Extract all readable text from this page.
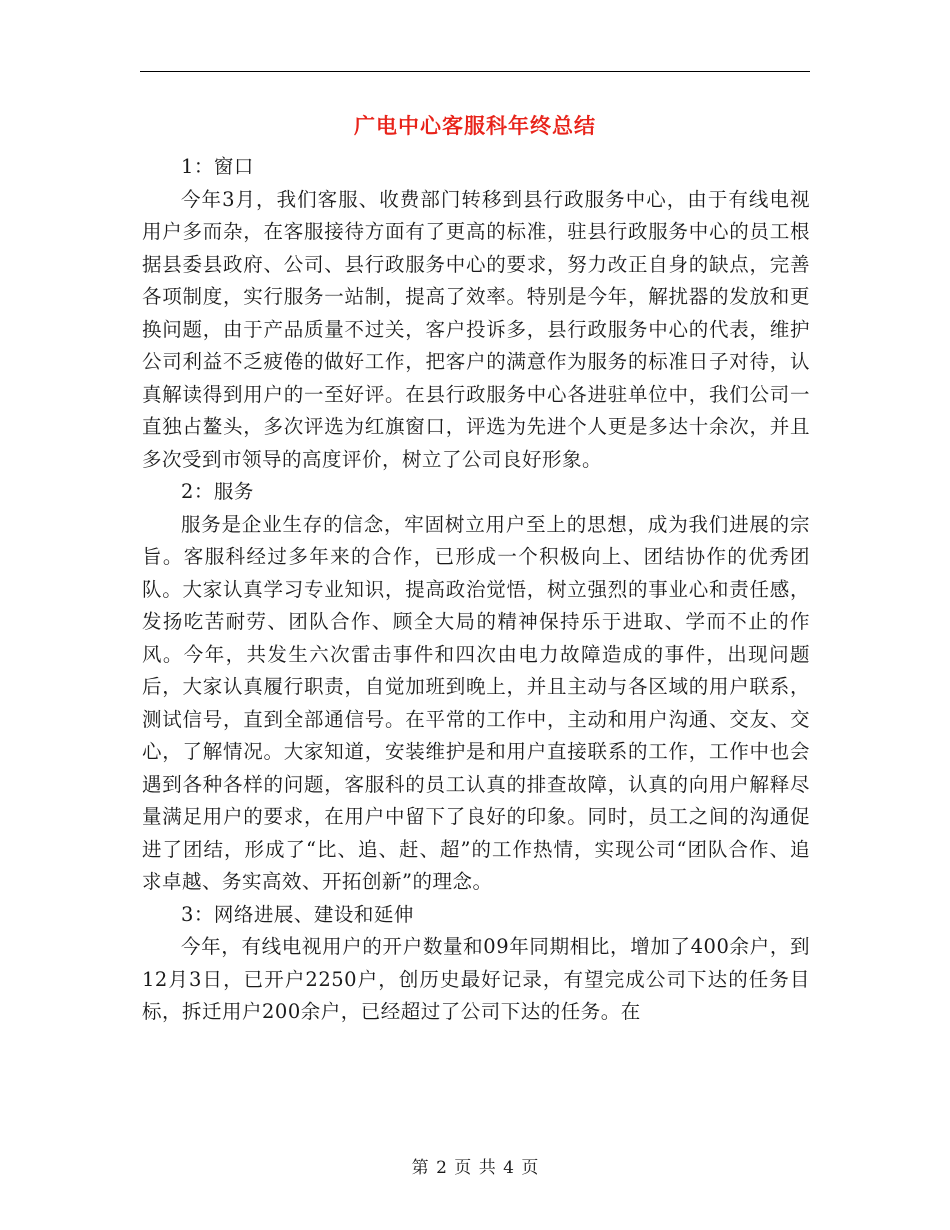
广电中心客服科年终总结

1：窗口

今年3月，我们客服、收费部门转移到县行政服务中心，由于有线电视用户多而杂，在客服接待方面有了更高的标准，驻县行政服务中心的员工根据县委县政府、公司、县行政服务中心的要求，努力改正自身的缺点，完善各项制度，实行服务一站制，提高了效率。特别是今年，解扰器的发放和更换问题，由于产品质量不过关，客户投诉多，县行政服务中心的代表，维护公司利益不乏疲倦的做好工作，把客户的满意作为服务的标准日子对待，认真解读得到用户的一至好评。在县行政服务中心各进驻单位中，我们公司一直独占鳌头，多次评选为红旗窗口，评选为先进个人更是多达十余次，并且多次受到市领导的高度评价，树立了公司良好形象。

2：服务

服务是企业生存的信念，牢固树立用户至上的思想，成为我们进展的宗旨。客服科经过多年来的合作，已形成一个积极向上、团结协作的优秀团队。大家认真学习专业知识，提高政治觉悟，树立强烈的事业心和责任感，发扬吃苦耐劳、团队合作、顾全大局的精神保持乐于进取、学而不止的作风。今年，共发生六次雷击事件和四次由电力故障造成的事件，出现问题后，大家认真履行职责，自觉加班到晚上，并且主动与各区域的用户联系，测试信号，直到全部通信号。在平常的工作中，主动和用户沟通、交友、交心，了解情况。大家知道，安装维护是和用户直接联系的工作，工作中也会遇到各种各样的问题，客服科的员工认真的排查故障，认真的向用户解释尽量满足用户的要求，在用户中留下了良好的印象。同时，员工之间的沟通促进了团结，形成了“比、追、赶、超”的工作热情，实现公司“团队合作、追求卓越、务实高效、开拓创新”的理念。

3：网络进展、建设和延伸

今年，有线电视用户的开户数量和09年同期相比，增加了400余户，到12月3日，已开户2250户，创历史最好记录，有望完成公司下达的任务目标，拆迁用户200余户，已经超过了公司下达的任务。在

第 2 页 共 4 页
